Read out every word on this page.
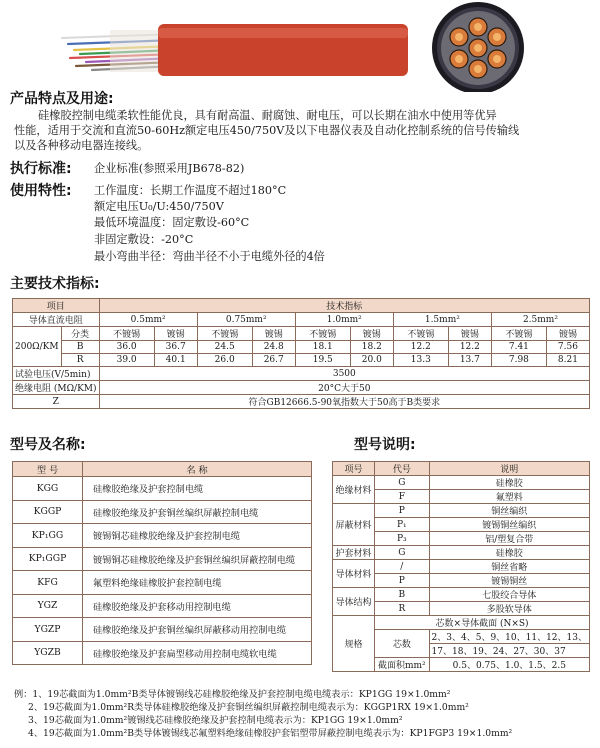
产品特点及用途:
硅橡胶控制电缆柔软性能优良，具有耐高温、耐腐蚀、耐电压，可以长期在油水中使用等优异
性能，适用于交流和直流50-60Hz额定电压450/750V及以下电器仪表及自动化控制系统的信号传输线
以及各种移动电器连接线。
执行标准: 企业标准(参照采用JB678-82)
使用特性: 工作温度：长期工作温度不超过180°C
额定电压U₀/U:450/750V
最低环境温度：固定敷设-60°C
非固定敷设：-20°C
最小弯曲半径：弯曲半径不小于电缆外径的4倍
主要技术指标:
项目		技术指标									
导体直流电阻		0.5mm²		0.75mm²		1.0mm²		1.5mm²		2.5mm²	
200Ω/KM	分类	不镀锡	镀锡	不镀锡	镀锡	不镀锡	镀锡	不镀锡	镀锡	不镀锡	镀锡
	B	36.0	36.7	24.5	24.8	18.1	18.2	12.2	12.2	7.41	7.56
	R	39.0	40.1	26.0	26.7	19.5	20.0	13.3	13.7	7.98	8.21
试验电压(V/5min)		3500									
绝缘电阻 (MΩ/KM)		20°C大于50									
Z		符合GB12666.5-90氧指数大于50高于B类要求									
型号及名称:
型 号	名 称
KGG	硅橡胶绝缘及护套控制电缆
KGGP	硅橡胶绝缘及护套铜丝编织屏蔽控制电缆
KP₁GG	镀锡铜芯硅橡胶绝缘及护套控制电缆
KP₁GGP	镀锡铜芯硅橡胶绝缘及护套铜丝编织屏蔽控制电缆
KFG	氟塑料绝缘硅橡胶护套控制电缆
YGZ	硅橡胶绝缘及护套移动用控制电缆
YGZP	硅橡胶绝缘及护套铜丝编织屏蔽移动用控制电缆
YGZB	硅橡胶绝缘及护套扁型移动用控制电缆软电缆
型号说明:
项号	代号	说明
绝缘材料	G	硅橡胶
	F	氟塑料
屏蔽材料	P	铜丝编织
	P₁	镀锡铜丝编织
	P₃	铝/塑复合带
护套材料	G	硅橡胶
导体材料	/	铜丝省略
	P	镀锡铜丝
导体结构	B	七股绞合导体
	R	多股软导体
规格	芯数×导体截面 (N×S)	
	芯数	2、3、4、5、9、10、11、12、13、
		17、18、19、24、27、30、37
	截面积mm²	0.5、0.75、1.0、1.5、2.5
例：1、19芯截面为1.0mm²B类导体镀锡线芯硅橡胶绝缘及护套控制电缆电缆表示：KP1GG 19×1.0mm²
2、19芯截面为1.0mm²R类导体硅橡胶绝缘及护套铜丝编织屏蔽控制电缆表示为：KGGP1RX 19×1.0mm²
3、19芯截面为1.0mm²镀锡线芯硅橡胶绝缘及护套控制电缆表示为：KP1GG 19×1.0mm²
4、19芯截面为1.0mm²B类导体镀锡线芯氟塑料绝缘硅橡胶护套铝塑带屏蔽控制电缆表示为：KP1FGP3 19×1.0mm²
